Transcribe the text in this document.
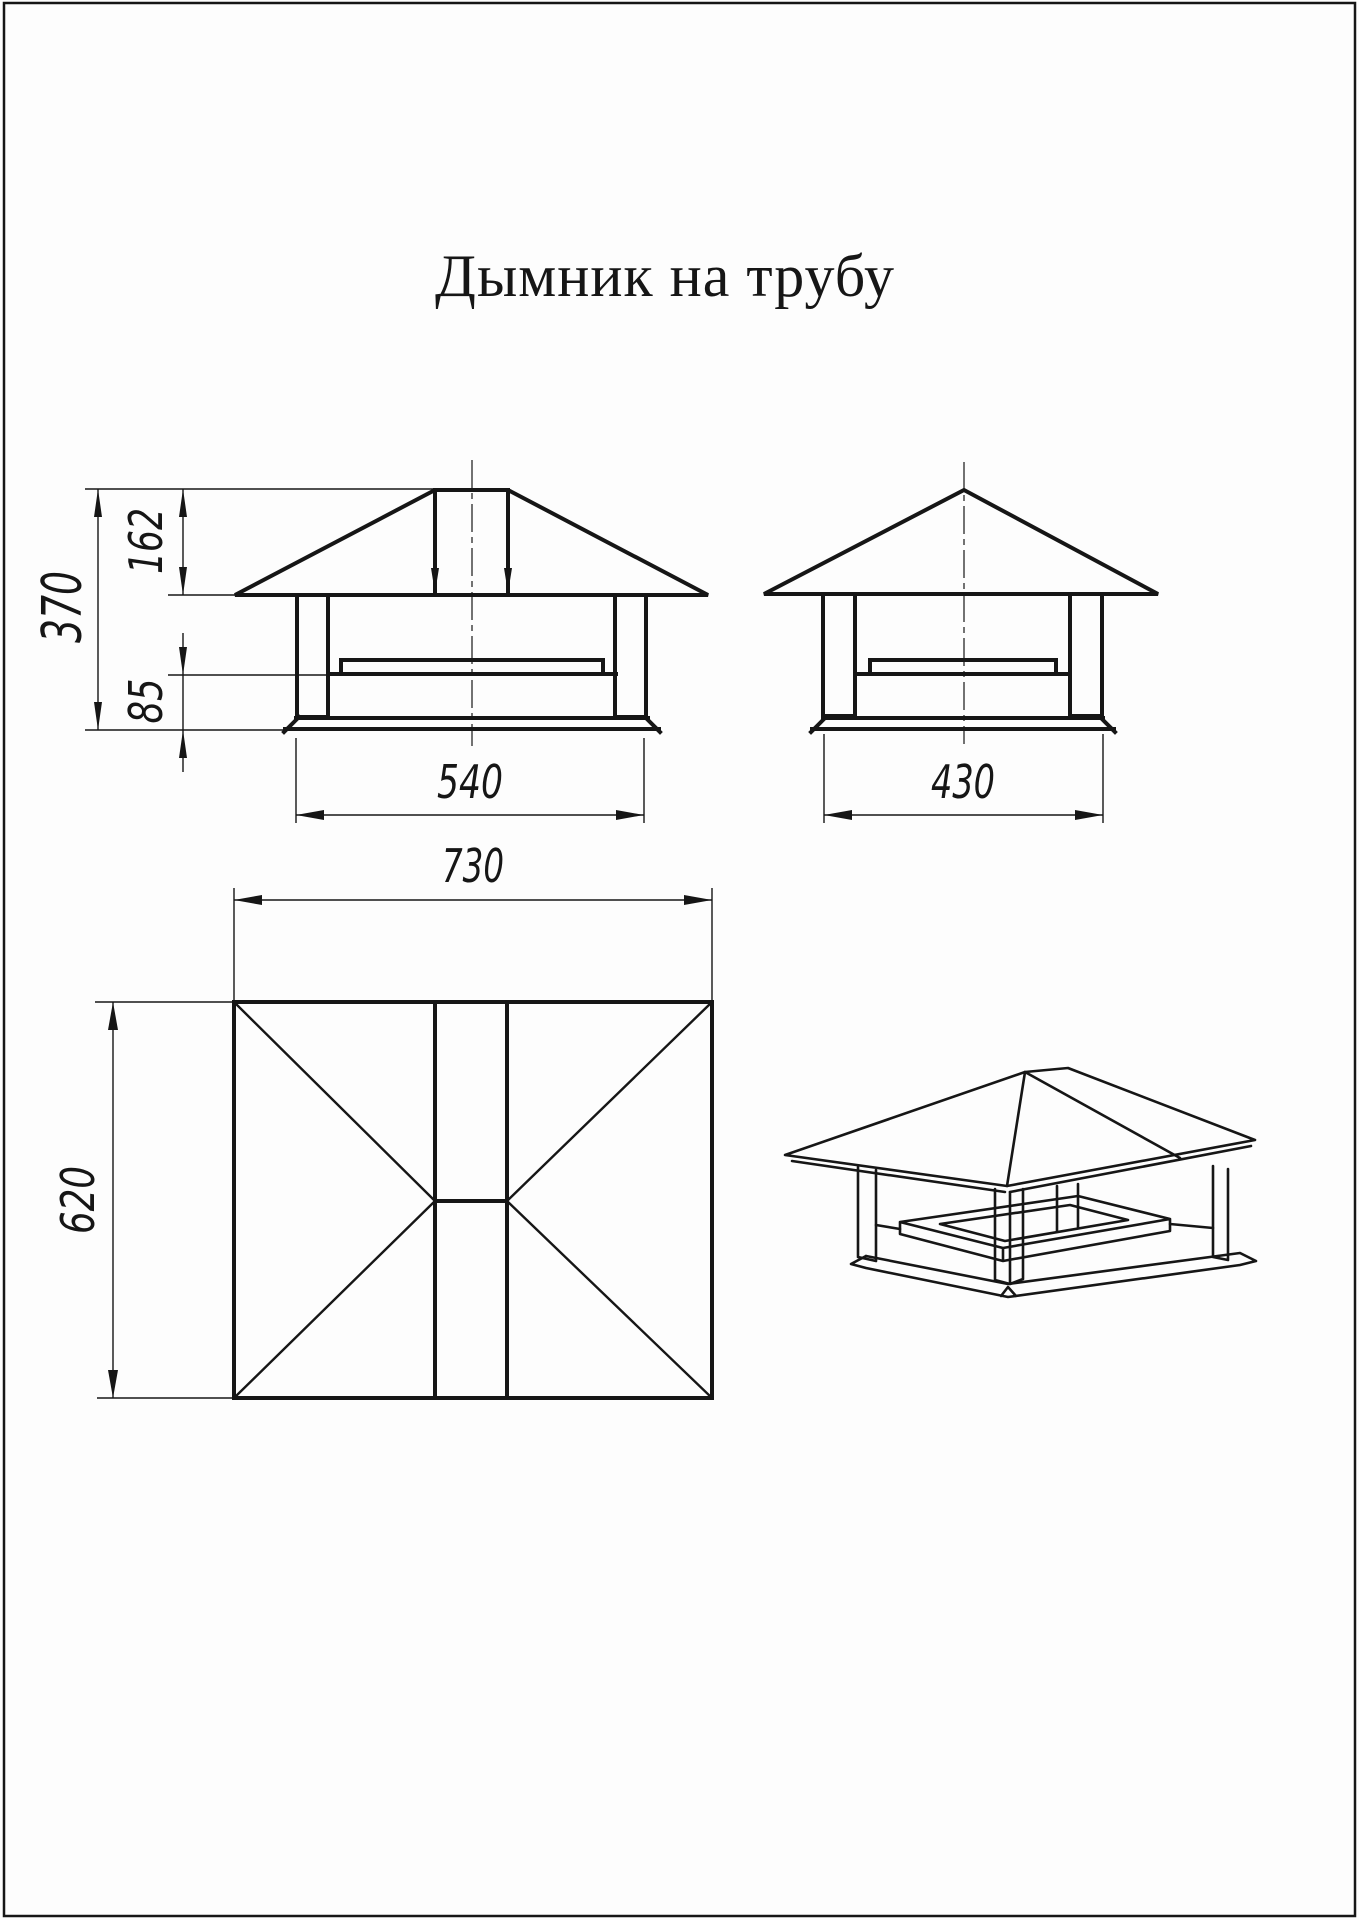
Дымник на трубу
370
162
85
540	430
730
620
